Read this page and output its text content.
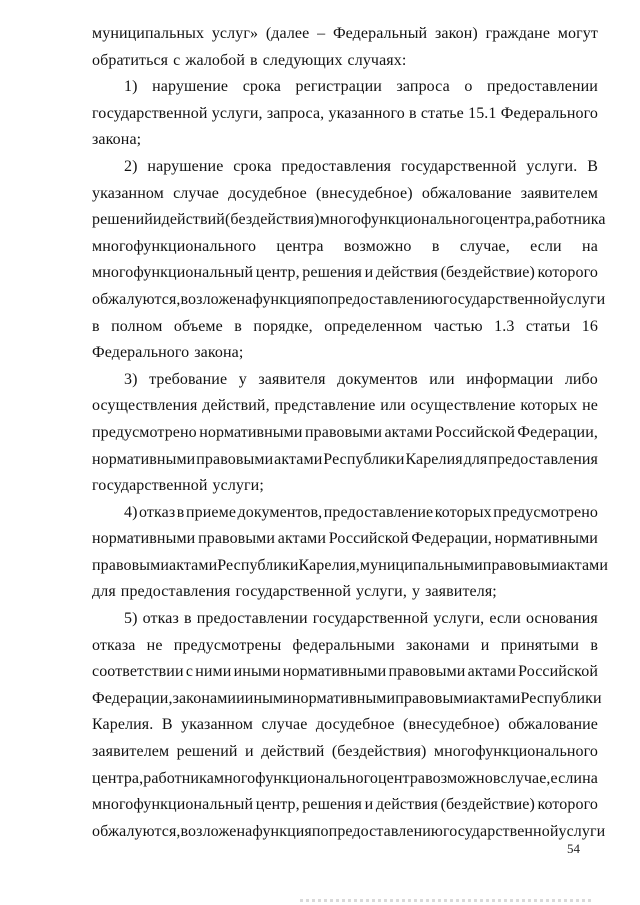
муниципальных услуг» (далее – Федеральный закон) граждане могут
обратиться с жалобой в следующих случаях:
1) нарушение срока регистрации запроса о предоставлении
государственной услуги, запроса, указанного в статье 15.1 Федерального
закона;
2) нарушение срока предоставления государственной услуги. В
указанном случае досудебное (внесудебное) обжалование заявителем
решений и действий (бездействия) многофункционального центра, работника
многофункционального центра возможно в случае, если на
многофункциональный центр, решения и действия (бездействие) которого
обжалуются, возложена функция по предоставлению государственной услуги
в полном объеме в порядке, определенном частью 1.3 статьи 16
Федерального закона;
3) требование у заявителя документов или информации либо
осуществления действий, представление или осуществление которых не
предусмотрено нормативными правовыми актами Российской Федерации,
нормативными правовыми актами Республики Карелия для предоставления
государственной услуги;
4) отказ в приеме документов, предоставление которых предусмотрено
нормативными правовыми актами Российской Федерации, нормативными
правовыми актами Республики Карелия, муниципальными правовыми актами
для предоставления государственной услуги, у заявителя;
5) отказ в предоставлении государственной услуги, если основания
отказа не предусмотрены федеральными законами и принятыми в
соответствии с ними иными нормативными правовыми актами Российской
Федерации, законами и иными нормативными правовыми актами Республики
Карелия. В указанном случае досудебное (внесудебное) обжалование
заявителем решений и действий (бездействия) многофункционального
центра, работника многофункционального центра возможно в случае, если на
многофункциональный центр, решения и действия (бездействие) которого
обжалуются, возложена функция по предоставлению государственной услуги
54
